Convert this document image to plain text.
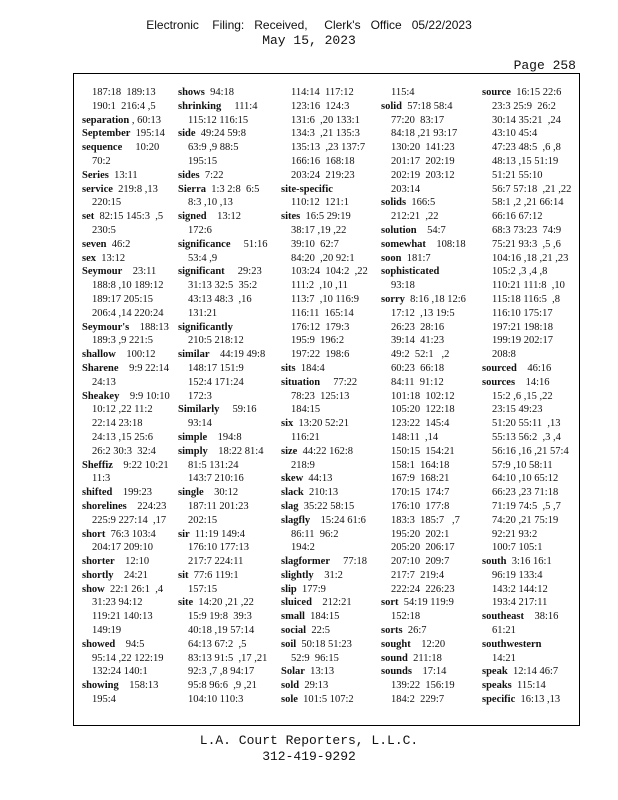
Electronic    Filing:   Received,     Clerk's   Office   05/22/2023
May 15, 2023
Page 258
187:18  189:13
190:1  216:4 ,5
separation , 60:13
September  195:14
sequence     10:20
70:2
Series  13:11
service  219:8 ,13
220:15
set  82:15 145:3  ,5
230:5
seven  46:2
sex  13:12
Seymour    23:11
188:8 ,10 189:12
189:17 205:15
206:4 ,14 220:24
Seymour's    188:13
189:3 ,9 221:5
shallow    100:12
Sharene    9:9 22:14
24:13
Sheakey    9:9 10:10
10:12 ,22 11:2
22:14 23:18
24:13 ,15 25:6
26:2 30:3  32:4
Sheffiz    9:22 10:21
11:3
shifted    199:23
shorelines    224:23
225:9 227:14  ,17
short  76:3 103:4
204:17 209:10
shorter    12:10
shortly    24:21
show  22:1 26:1  ,4
31:23 94:12
119:21 140:13
149:19
showed    94:5
95:14 ,22 122:19
132:24 140:1
showing    158:13
195:4
shows  94:18
shrinking     111:4
115:12 116:15
side  49:24 59:8
63:9 ,9 88:5
195:15
sides  7:22
Sierra  1:3 2:8  6:5
8:3 ,10 ,13
signed    13:12
172:6
significance     51:16
53:4 ,9
significant     29:23
31:13 32:5  35:2
43:13 48:3  ,16
131:21
significantly
210:5 218:12
similar    44:19 49:8
148:17 151:9
152:4 171:24
172:3
Similarly     59:16
93:14
simple    194:8
simply    18:22 81:4
81:5 131:24
143:7 210:16
single    30:12
187:11 201:23
202:15
sir  11:19 149:4
176:10 177:13
217:7 224:11
sit  77:6 119:1
157:15
site  14:20 ,21 ,22
15:9 19:8  39:3
40:18 ,19 57:14
64:13 67:2  ,5
83:13 91:5  ,17 ,21
92:3 ,7 ,8 94:17
95:8 96:6  ,9 ,21
104:10 110:3
114:14  117:12
123:16  124:3
131:6  ,20 133:1
134:3  ,21 135:3
135:13  ,23 137:7
166:16  168:18
203:24  219:23
site-specific
110:12  121:1
sites  16:5 29:19
38:17 ,19 ,22
39:10  62:7
84:20  ,20 92:1
103:24  104:2  ,22
111:2  ,10 ,11
113:7  ,10 116:9
116:11  165:14
176:12  179:3
195:9  196:2
197:22  198:6
sits  184:4
situation     77:22
78:23  125:13
184:15
six  13:20 52:21
116:21
size  44:22 162:8
218:9
skew  44:13
slack  210:13
slag  35:22 58:15
slagfly    15:24 61:6
86:11  96:2
194:2
slagformer     77:18
slightly    31:2
slip  177:9
sluiced    212:21
small  184:15
social  22:5
soil  50:18 51:23
52:9  96:15
Solar  13:13
sold  29:13
sole  101:5 107:2
115:4
solid  57:18 58:4
77:20  83:17
84:18 ,21 93:17
130:20  141:23
201:17  202:19
202:19  203:12
203:14
solids  166:5
212:21  ,22
solution    54:7
somewhat    108:18
soon  181:7
sophisticated
93:18
sorry  8:16 ,18 12:6
17:12  ,13 19:5
26:23  28:16
39:14  41:23
49:2  52:1   ,2
60:23  66:18
84:11  91:12
101:18  102:12
105:20  122:18
123:22  145:4
148:11  ,14
150:15  154:21
158:1  164:18
167:9  168:21
170:15  174:7
176:10  177:8
183:3  185:7   ,7
195:20  202:1
205:20  206:17
207:10  209:7
217:7  219:4
222:24  226:23
sort  54:19 119:9
152:18
sorts  26:7
sought    12:20
sound  211:18
sounds    17:14
139:22  156:19
184:2  229:7
source  16:15 22:6
23:3 25:9  26:2
30:14 35:21  ,24
43:10 45:4
47:23 48:5  ,6 ,8
48:13 ,15 51:19
51:21 55:10
56:7 57:18  ,21 ,22
58:1 ,2 ,21 66:14
66:16 67:12
68:3 73:23  74:9
75:21 93:3  ,5 ,6
104:16 ,18 ,21 ,23
105:2 ,3 ,4 ,8
110:21 111:8  ,10
115:18 116:5  ,8
116:10 175:17
197:21 198:18
199:19 202:17
208:8
sourced    46:16
sources    14:16
15:2 ,6 ,15 ,22
23:15 49:23
51:20 55:11  ,13
55:13 56:2  ,3 ,4
56:16 ,16 ,21 57:4
57:9 ,10 58:11
64:10 ,10 65:12
66:23 ,23 71:18
71:19 74:5  ,5 ,7
74:20 ,21 75:19
92:21 93:2
100:7 105:1
south  3:16 16:1
96:19 133:4
143:2 144:12
193:4 217:11
southeast    38:16
61:21
southwestern
14:21
speak  12:14 46:7
speaks  115:14
specific  16:13 ,13
L.A. Court Reporters, L.L.C.
312-419-9292
